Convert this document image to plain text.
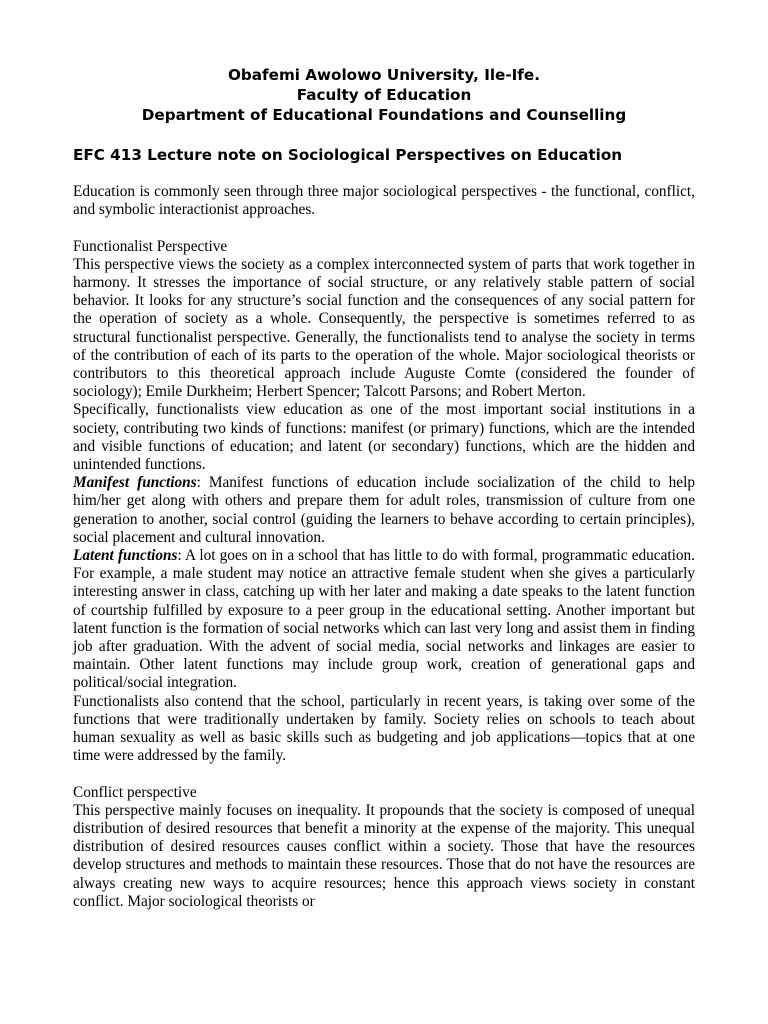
Obafemi Awolowo University, Ile-Ife.
Faculty of Education
Department of Educational Foundations and Counselling
EFC 413 Lecture note on Sociological Perspectives on Education

Education is commonly seen through three major sociological perspectives - the functional, conflict, and symbolic interactionist approaches.

Functionalist Perspective

This perspective views the society as a complex interconnected system of parts that work together in harmony. It stresses the importance of social structure, or any relatively stable pattern of social behavior. It looks for any structure’s social function and the consequences of any social pattern for the operation of society as a whole. Consequently, the perspective is sometimes referred to as structural functionalist perspective. Generally, the functionalists tend to analyse the society in terms of the contribution of each of its parts to the operation of the whole. Major sociological theorists or contributors to this theoretical approach include Auguste Comte (considered the founder of sociology); Emile Durkheim; Herbert Spencer; Talcott Parsons; and Robert Merton.

Specifically, functionalists view education as one of the most important social institutions in a society, contributing two kinds of functions: manifest (or primary) functions, which are the intended and visible functions of education; and latent (or secondary) functions, which are the hidden and unintended functions.

Manifest functions: Manifest functions of education include socialization of the child to help him/her get along with others and prepare them for adult roles, transmission of culture from one generation to another, social control (guiding the learners to behave according to certain principles), social placement and cultural innovation.

Latent functions: A lot goes on in a school that has little to do with formal, programmatic education. For example, a male student may notice an attractive female student when she gives a particularly interesting answer in class, catching up with her later and making a date speaks to the latent function of courtship fulfilled by exposure to a peer group in the educational setting. Another important but latent function is the formation of social networks which can last very long and assist them in finding job after graduation. With the advent of social media, social networks and linkages are easier to maintain. Other latent functions may include group work, creation of generational gaps and political/social integration.

Functionalists also contend that the school, particularly in recent years, is taking over some of the functions that were traditionally undertaken by family. Society relies on schools to teach about human sexuality as well as basic skills such as budgeting and job applications—topics that at one time were addressed by the family.

Conflict perspective

This perspective mainly focuses on inequality. It propounds that the society is composed of unequal distribution of desired resources that benefit a minority at the expense of the majority. This unequal distribution of desired resources causes conflict within a society. Those that have the resources develop structures and methods to maintain these resources. Those that do not have the resources are always creating new ways to acquire resources; hence this approach views society in constant conflict. Major sociological theorists or
